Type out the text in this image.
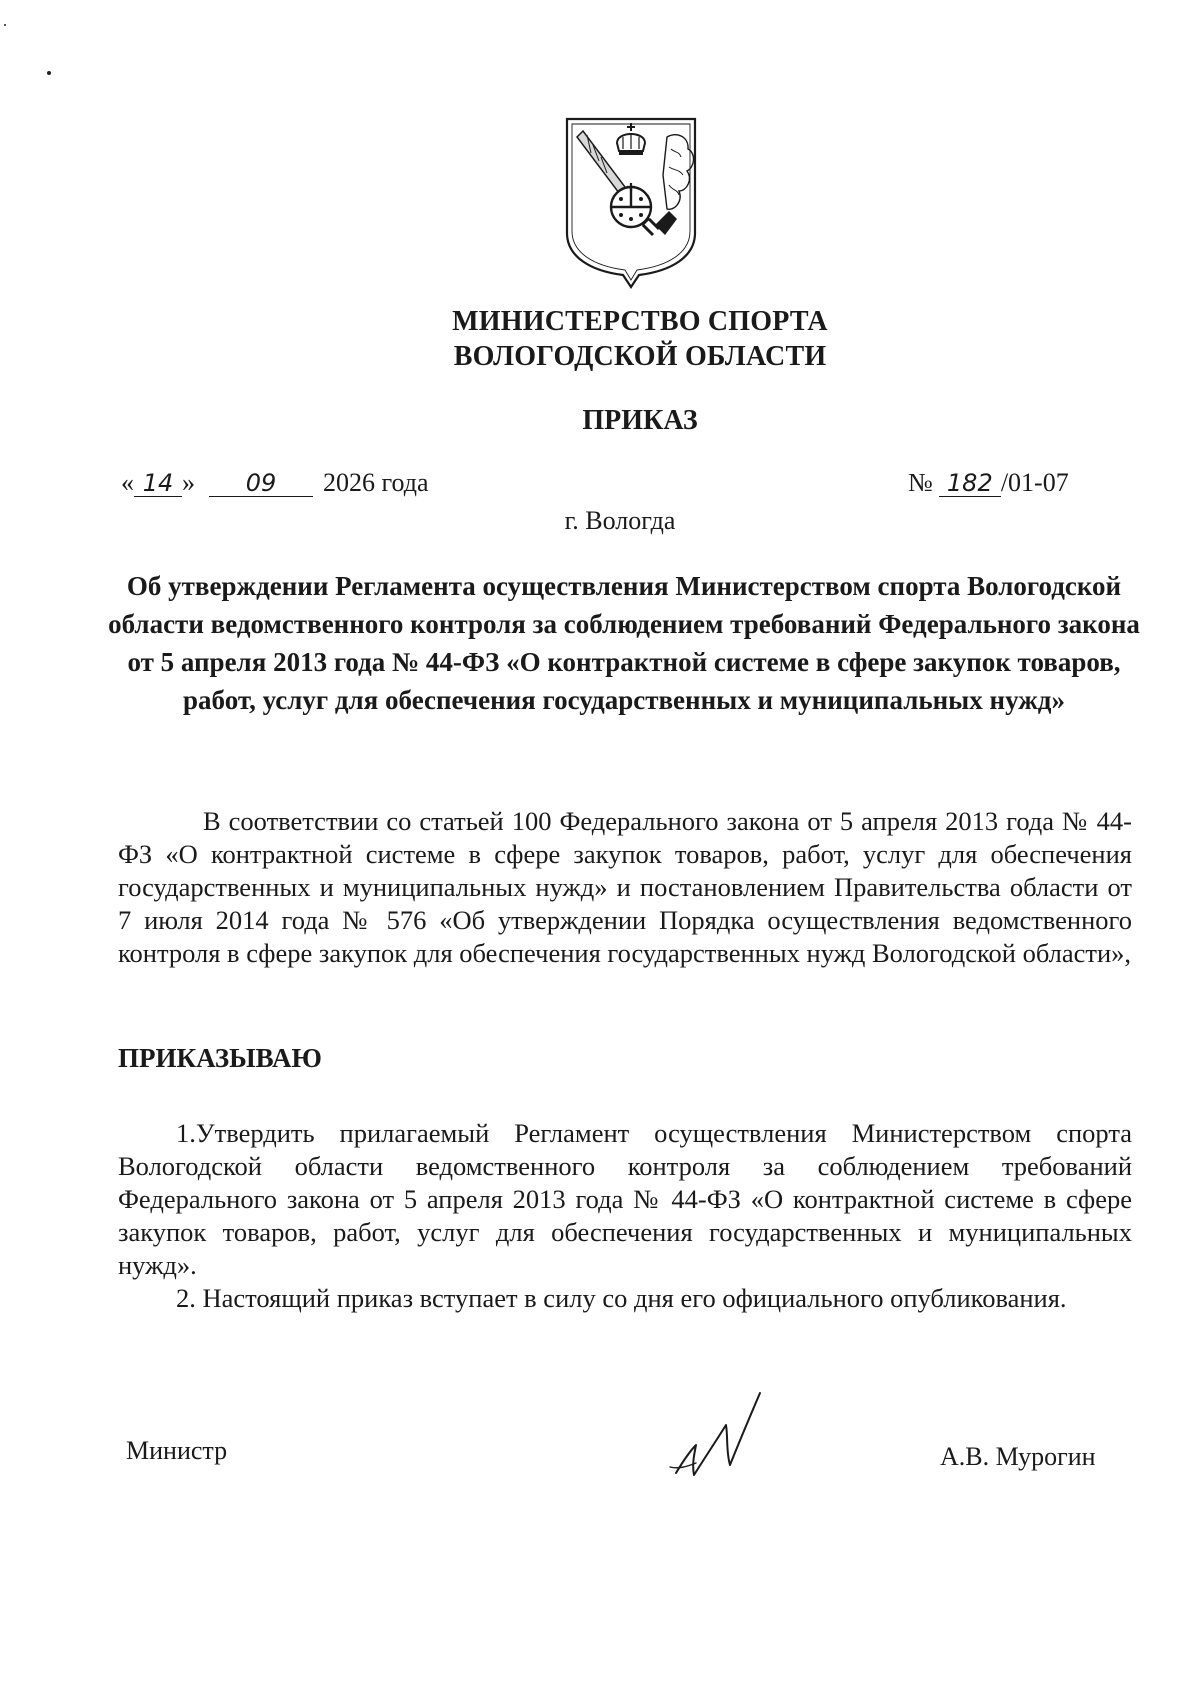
МИНИСТЕРСТВО СПОРТА
ВОЛОГОДСКОЙ ОБЛАСТИ
ПРИКАЗ
« 14 » 09 2026 года	№ 182 /01-07
г. Вологда

Об утверждении Регламента осуществления Министерством спорта Вологодской области ведомственного контроля за соблюдением требований Федерального закона от 5 апреля 2013 года № 44-ФЗ «О контрактной системе в сфере закупок товаров, работ, услуг для обеспечения государственных и муниципальных нужд»

В соответствии со статьей 100 Федерального закона от 5 апреля 2013 года № 44-ФЗ «О контрактной системе в сфере закупок товаров, работ, услуг для обеспечения государственных и муниципальных нужд» и постановлением Правительства области от 7 июля 2014 года № 576 «Об утверждении Порядка осуществления ведомственного контроля в сфере закупок для обеспечения государственных нужд Вологодской области»,

ПРИКАЗЫВАЮ

1.Утвердить прилагаемый Регламент осуществления Министерством спорта Вологодской области ведомственного контроля за соблюдением требований Федерального закона от 5 апреля 2013 года № 44-ФЗ «О контрактной системе в сфере закупок товаров, работ, услуг для обеспечения государственных и муниципальных нужд».

2. Настоящий приказ вступает в силу со дня его официального опубликования.

Министр	А.В. Мурогин
